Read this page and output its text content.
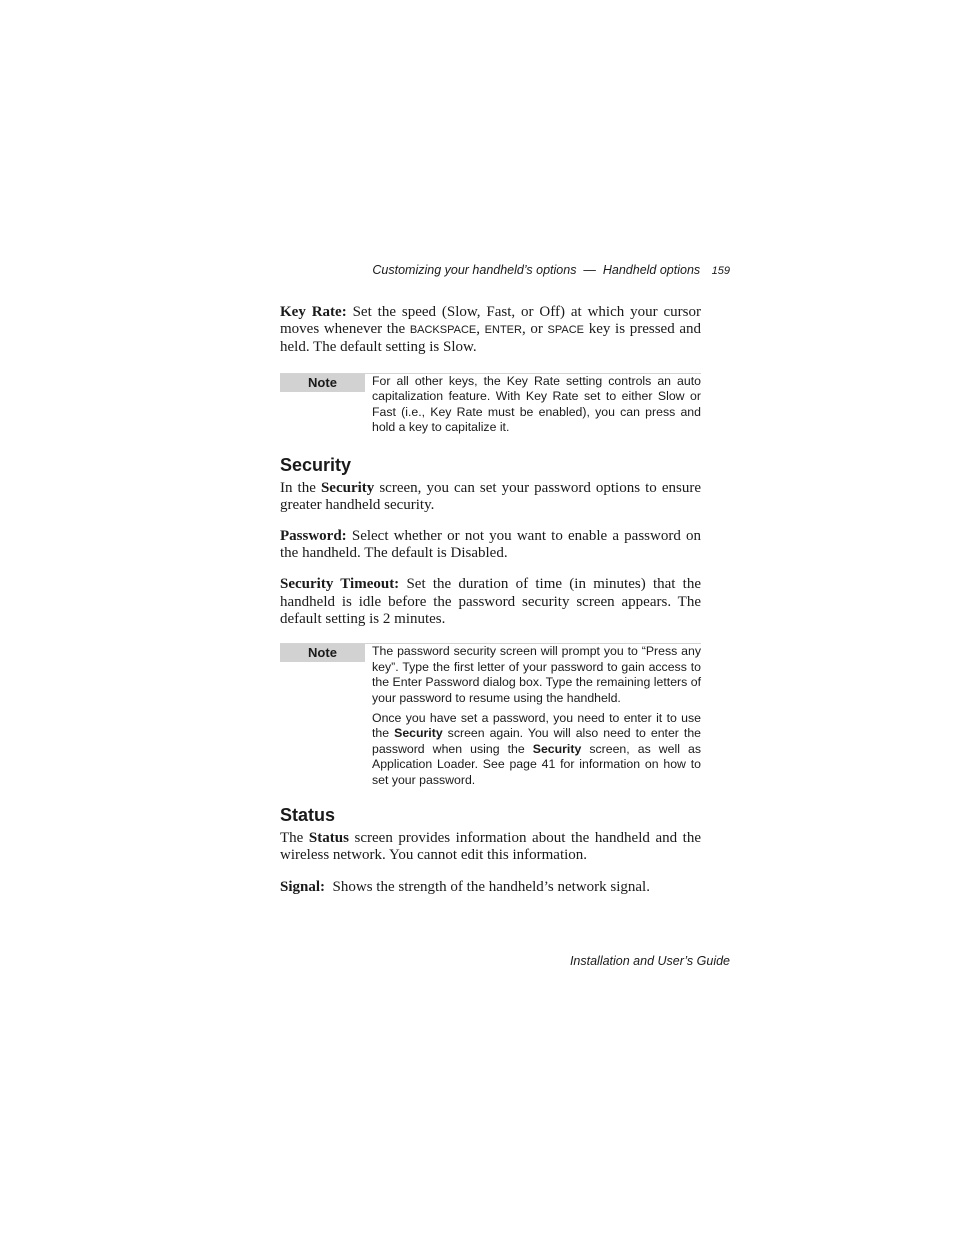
Customizing your handheld’s options — Handheld options 159

Key Rate: Set the speed (Slow, Fast, or Off) at which your cursor moves whenever the BACKSPACE, ENTER, or SPACE key is pressed and held. The default setting is Slow.

Note	For all other keys, the Key Rate setting controls an auto capitalization feature. With Key Rate set to either Slow or Fast (i.e., Key Rate must be enabled), you can press and hold a key to capitalize it.

Security

In the Security screen, you can set your password options to ensure greater handheld security.

Password: Select whether or not you want to enable a password on the handheld. The default is Disabled.

Security Timeout: Set the duration of time (in minutes) that the handheld is idle before the password security screen appears. The default setting is 2 minutes.

Note	The password security screen will prompt you to “Press any key”. Type the first letter of your password to gain access to the Enter Password dialog box. Type the remaining letters of your password to resume using the handheld.

Once you have set a password, you need to enter it to use the Security screen again. You will also need to enter the password when using the Security screen, as well as Application Loader. See page 41 for information on how to set your password.

Status

The Status screen provides information about the handheld and the wireless network. You cannot edit this information.

Signal: Shows the strength of the handheld’s network signal.

Installation and User’s Guide
